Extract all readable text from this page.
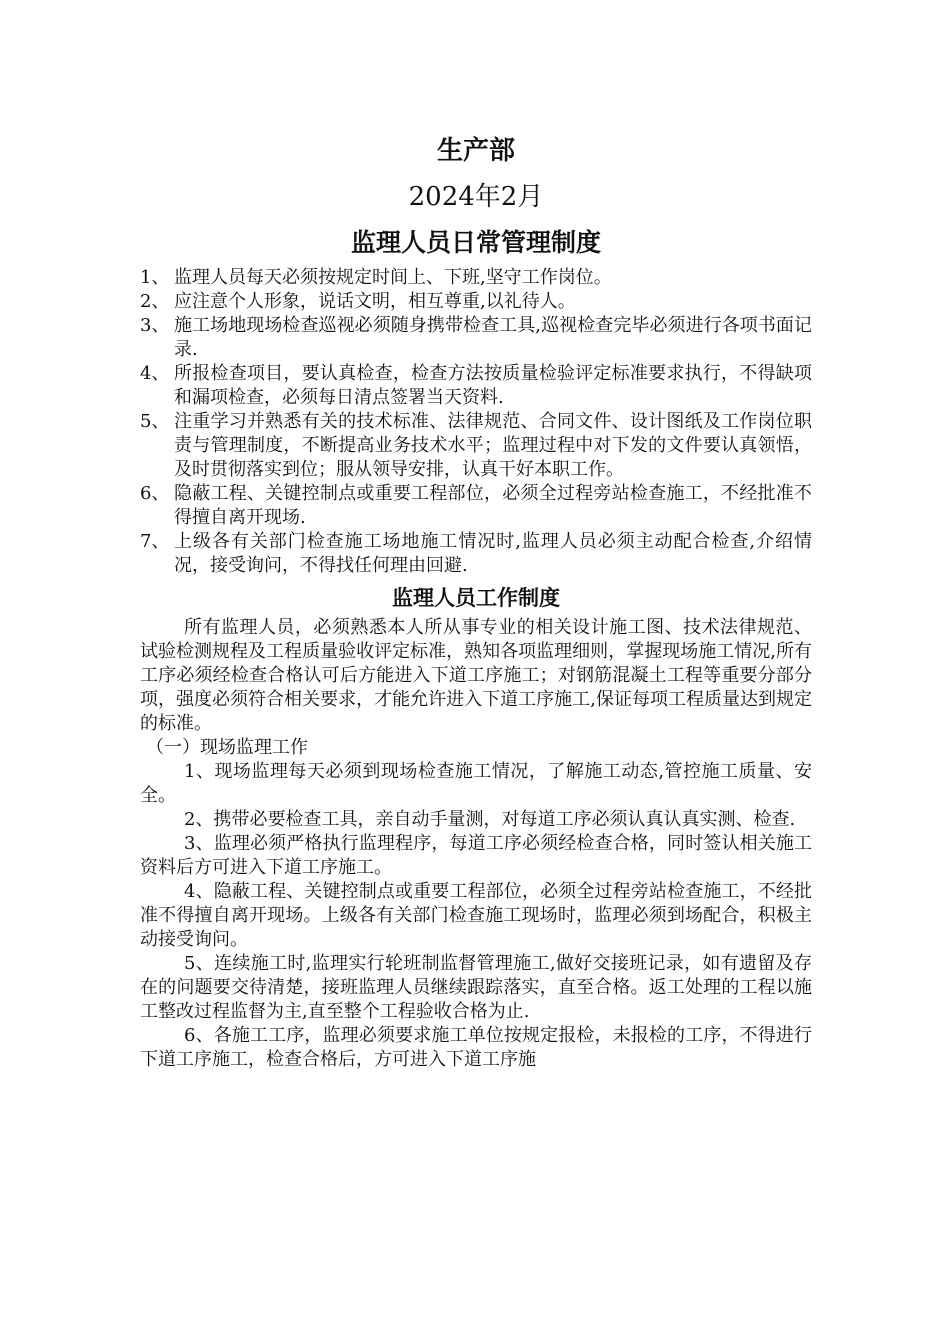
生产部
2024年2月
监理人员日常管理制度
1、 监理人员每天必须按规定时间上、下班,坚守工作岗位。
2、 应注意个人形象，说话文明，相互尊重,以礼待人。
3、 施工场地现场检查巡视必须随身携带检查工具,巡视检查完毕必须进行各项书面记录.
4、 所报检查项目，要认真检查，检查方法按质量检验评定标准要求执行，不得缺项和漏项检查，必须每日清点签署当天资料.
5、 注重学习并熟悉有关的技术标准、法律规范、合同文件、设计图纸及工作岗位职责与管理制度，不断提高业务技术水平；监理过程中对下发的文件要认真领悟，及时贯彻落实到位；服从领导安排，认真干好本职工作。
6、 隐蔽工程、关键控制点或重要工程部位，必须全过程旁站检查施工，不经批准不得擅自离开现场.
7、 上级各有关部门检查施工场地施工情况时,监理人员必须主动配合检查,介绍情况，接受询问，不得找任何理由回避.
监理人员工作制度

所有监理人员，必须熟悉本人所从事专业的相关设计施工图、技术法律规范、试验检测规程及工程质量验收评定标准，熟知各项监理细则，掌握现场施工情况,所有工序必须经检查合格认可后方能进入下道工序施工；对钢筋混凝土工程等重要分部分项，强度必须符合相关要求，才能允许进入下道工序施工,保证每项工程质量达到规定的标准。

（一）现场监理工作

1、现场监理每天必须到现场检查施工情况，了解施工动态,管控施工质量、安全。

2、携带必要检查工具，亲自动手量测，对每道工序必须认真认真实测、检查.

3、监理必须严格执行监理程序，每道工序必须经检查合格，同时签认相关施工资料后方可进入下道工序施工。

4、隐蔽工程、关键控制点或重要工程部位，必须全过程旁站检查施工，不经批准不得擅自离开现场。上级各有关部门检查施工现场时，监理必须到场配合，积极主动接受询问。

5、连续施工时,监理实行轮班制监督管理施工,做好交接班记录，如有遗留及存在的问题要交待清楚，接班监理人员继续跟踪落实，直至合格。返工处理的工程以施工整改过程监督为主,直至整个工程验收合格为止.

6、各施工工序，监理必须要求施工单位按规定报检，未报检的工序，不得进行下道工序施工，检查合格后，方可进入下道工序施
